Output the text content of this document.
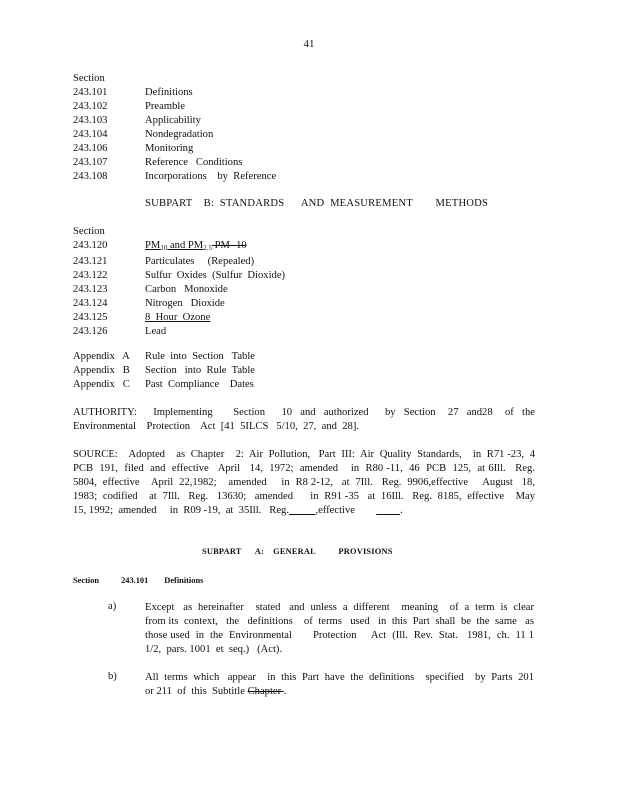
41
Section
243.101	Definitions
243.102	Preamble
243.103	Applicability
243.104	Nondegradation
243.106	Monitoring
243.107	Reference   Conditions
243.108	Incorporations    by  Reference
SUBPART    B:  STANDARDS      AND  MEASUREMENT        METHODS
Section
243.120	$PM_{10}$ and $PM_{2.5}$ PM -10
243.121	Particulates     (Repealed)
243.122	Sulfur  Oxides  (Sulfur  Dioxide)
243.123	Carbon   Monoxide
243.124	Nitrogen   Dioxide
243.125	8  Hour  Ozone
243.126	Lead
Appendix   A	Rule  into  Section   Table
Appendix   B	Section   into  Rule  Table
Appendix   C	Past  Compliance    Dates
AUTHORITY:    Implementing     Section    10  and  authorized    by  Section   27  and28   of  the Environmental    Protection    Act  [41  5ILCS   5/10,  27,  and  28].
SOURCE:    Adopted    as  Chapter    2:  Air  Pollution,   Part  III:  Air  Quality  Standards,    in  R71 -23,  4 PCB  191,  filed  and  effective   April   14,  1972;  amended    in  R80 -11,  46  PCB  125,  at 6Ill.   Reg. 5804,  effective    April  22,1982;    amended     in  R8 2-12,   at  7Ill.   Reg.  9906,effective     August   18, 1983;  codified    at  7Ill.   Reg.   13630;   amended      in  R91 -35   at  16Ill.   Reg.  8185,  effective    May  15, 1992;  amended     in  R09 -19,  at  35Ill.   Reg. ,effective	.
SUBPART      A:    GENERAL          PROVISIONS
Section	243.101 Definitions
a)	Except   as  hereinafter    stated   and  unless  a  different    meaning    of  a  term  is  clear  from its  context,   the   definitions    of  terms   used   in  this  Part  shall  be  the  same   as  those used  in  the  Environmental       Protection     Act  (Ill.  Rev.  Stat.   1981,  ch.  11 1 1/2,  pars. 1001  et  seq.)   (Act).
b)	All  terms  which   appear    in  this  Part  have  the  definitions    specified    by  Parts  201  or 211  of  this  Subtitle Chapter .
